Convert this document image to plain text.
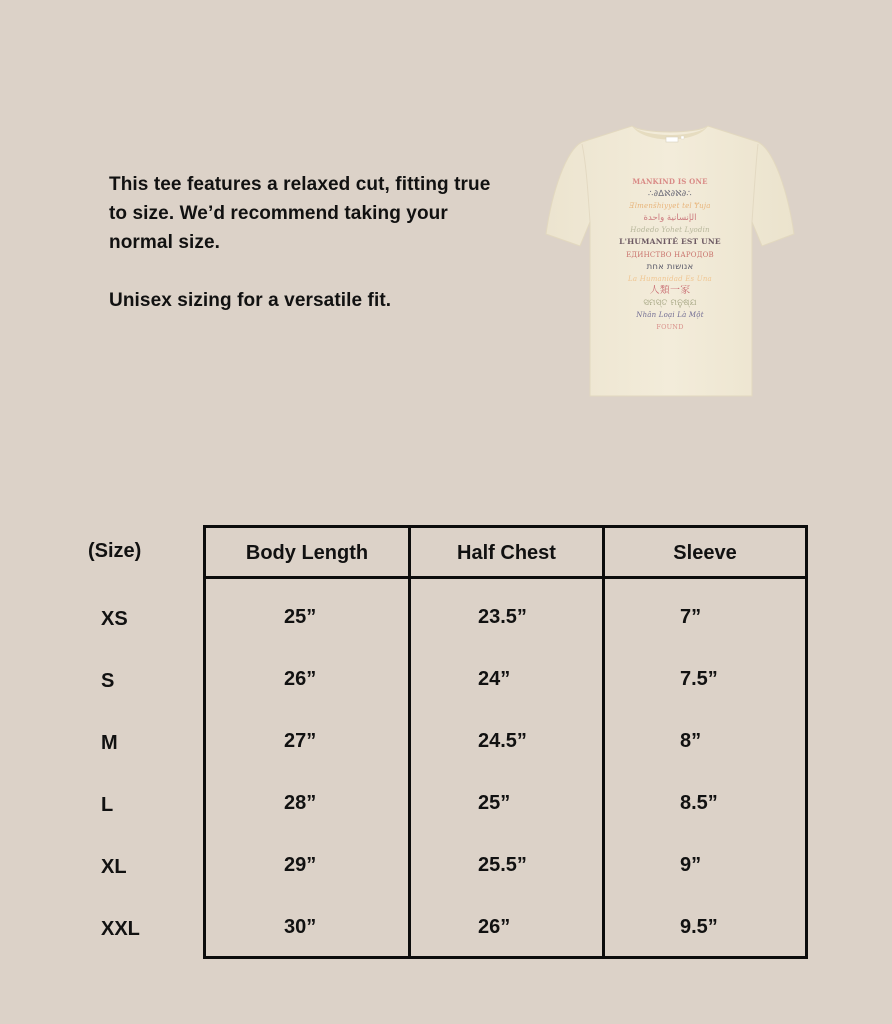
This tee features a relaxed cut, fitting true to size. We’d recommend taking your normal size.

Unisex sizing for a versatile fit.

MANKIND IS ONE
∴∂∆ℵ∂ℵ∂∴
Ǝlmenšhiyyet tel Ɏuja
الإنسانية واحدة
Hodedo Yohet Lyodin
L'HUMANITÉ EST UNE
ЕДИНСТВО НАРОДОВ
אנושות אחת
La Humanidad Es Una
人類一家
ସମସ୍ତ ମନୁଷ୍ଯ
Nhân Loại Là Một
FOUND
(Size)
XS
S
M
L
XL
XXL
Body Length	Half Chest	Sleeve
25”
26”
27”
28”
29”
30”
23.5”
24”
24.5”
25”
25.5”
26”
7”
7.5”
8”
8.5”
9”
9.5”
